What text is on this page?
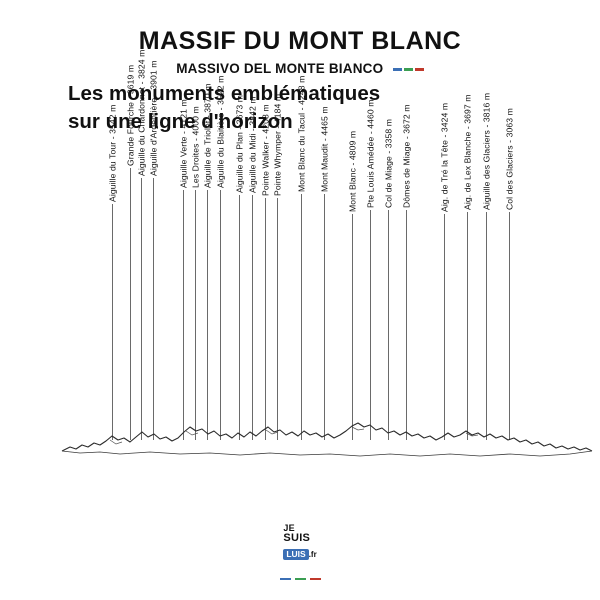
MASSIF DU MONT BLANC
MASSIVO DEL MONTE BIANCO
Les monuments emblématiques
sur une ligne d'horizon
Aiguille du Tour - 3542 m Grande Fourche - 3619 m Aiguille du Chardonnet - 3824 m Aiguille d'Argentière - 3901 m Aiguille Verte - 4121 m Les Droites - 4000 m Aiguille de Triolet - 3870 m Aiguille du Blaitière - 3522 m Aiguille du Plan - 3673 m Aiguille du Midi - 3842 m Pointe Walker - 4208 m Pointe Whymper - 4184 m Mont Blanc du Tacul - 4248 m Mont Maudit - 4465 m Mont Blanc - 4809 m Pte Louis Amédée - 4460 m Col de Miage - 3358 m Dômes de Miage - 3672 m	Aig. de Tré la Tête - 3424 m Aig. de Lex Blanche - 3697 m Aiguille des Glaciers - 3816 m Col des Glaciers - 3063 m
JE
SUIS
LUIS .fr
